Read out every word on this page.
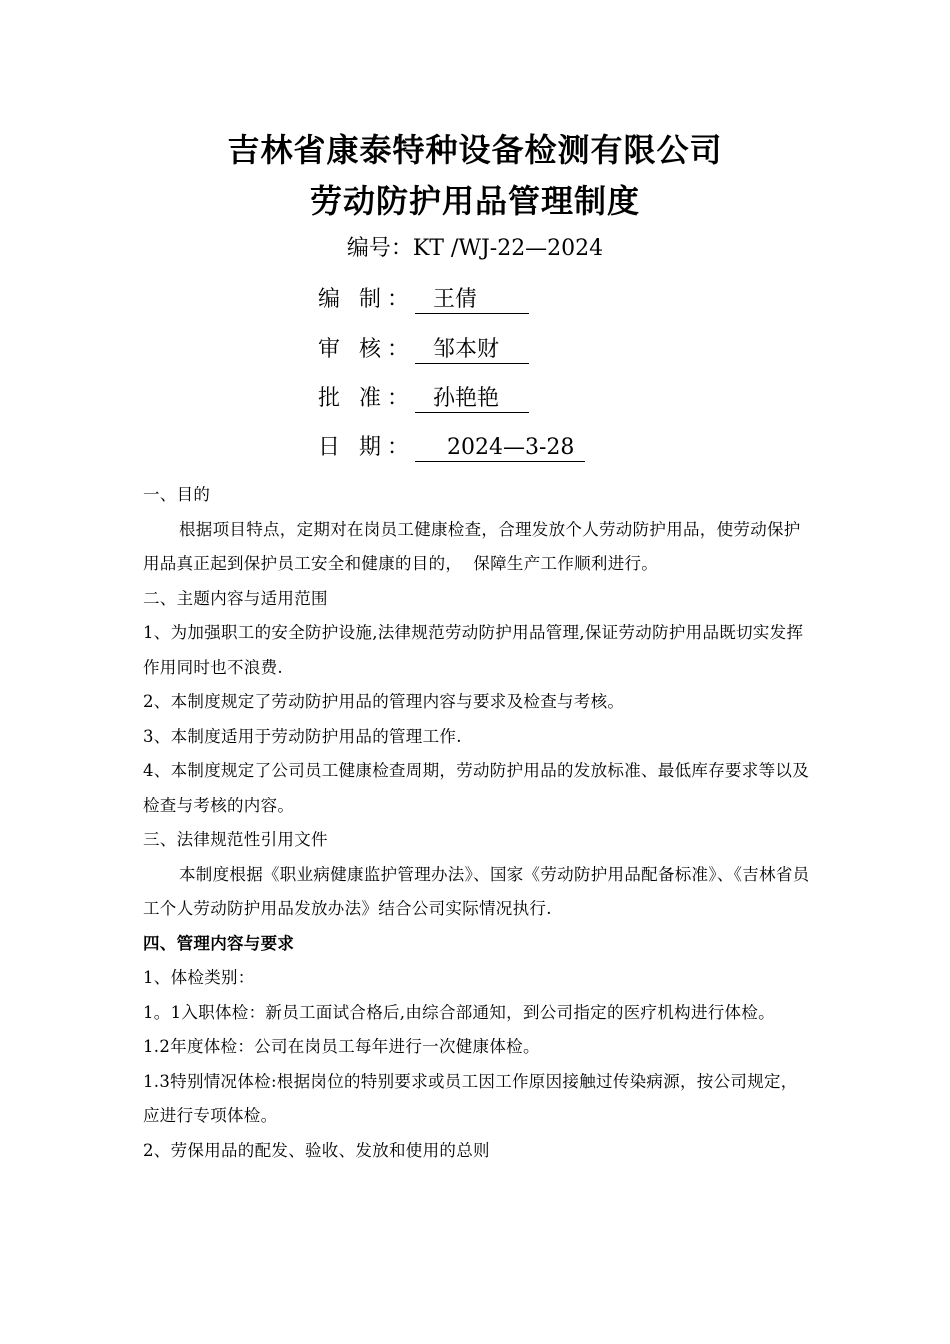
吉林省康泰特种设备检测有限公司
劳动防护用品管理制度
编号：KT /WJ-22—2024
编 制： 王倩
审 核： 邹本财
批 准： 孙艳艳
日 期： 2024—3-28

一、目的

根据项目特点，定期对在岗员工健康检查，合理发放个人劳动防护用品，使劳动保护用品真正起到保护员工安全和健康的目的，  保障生产工作顺利进行。

二、主题内容与适用范围

1、为加强职工的安全防护设施,法律规范劳动防护用品管理,保证劳动防护用品既切实发挥作用同时也不浪费.

2、本制度规定了劳动防护用品的管理内容与要求及检查与考核。

3、本制度适用于劳动防护用品的管理工作.

4、本制度规定了公司员工健康检查周期，劳动防护用品的发放标准、最低库存要求等以及检查与考核的内容。

三、法律规范性引用文件

本制度根据《职业病健康监护管理办法》、国家《劳动防护用品配备标准》、《吉林省员工个人劳动防护用品发放办法》结合公司实际情况执行.

四、管理内容与要求

1、体检类别：

1。1入职体检：新员工面试合格后,由综合部通知，到公司指定的医疗机构进行体检。

1.2年度体检：公司在岗员工每年进行一次健康体检。

1.3特别情况体检:根据岗位的特别要求或员工因工作原因接触过传染病源，按公司规定，应进行专项体检。

2、劳保用品的配发、验收、发放和使用的总则
